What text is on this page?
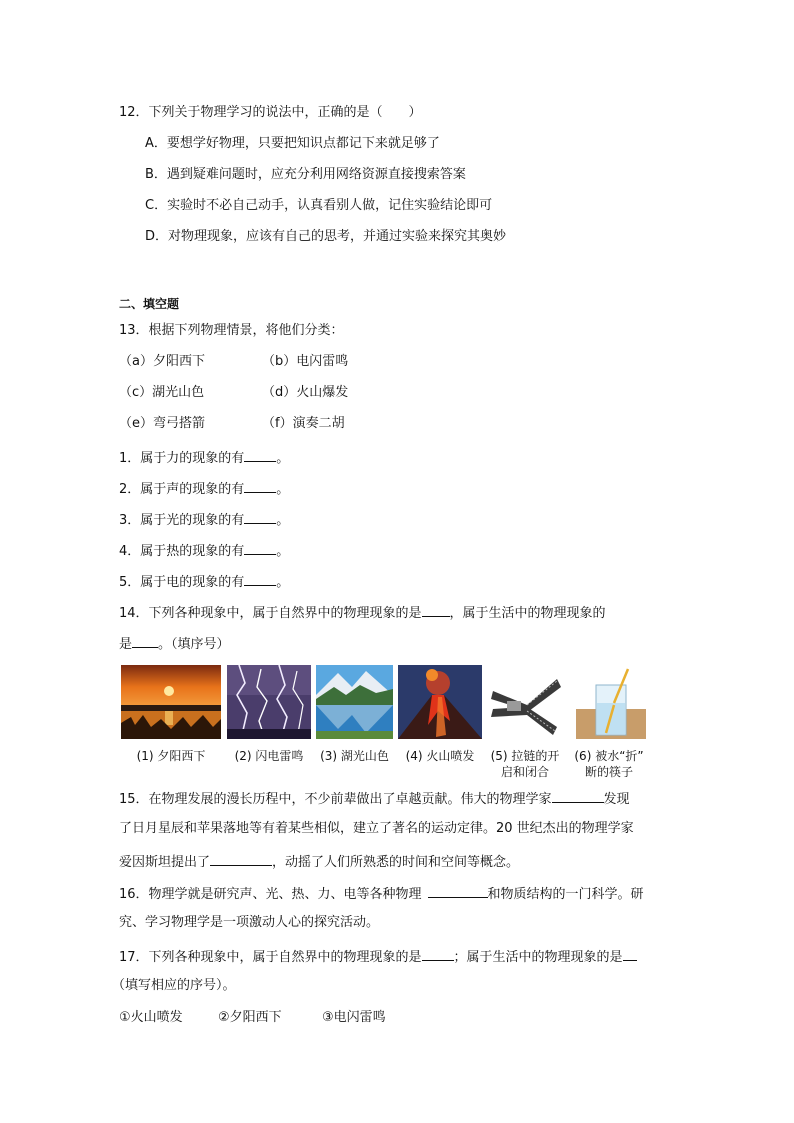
12．下列关于物理学习的说法中，正确的是（　　）
A．要想学好物理，只要把知识点都记下来就足够了
B．遇到疑难问题时，应充分利用网络资源直接搜索答案
C．实验时不必自己动手，认真看别人做，记住实验结论即可
D．对物理现象，应该有自己的思考，并通过实验来探究其奥妙
二、填空题
13．根据下列物理情景，将他们分类：
（a）夕阳西下	（b）电闪雷鸣
（c）湖光山色	（d）火山爆发
（e）弯弓搭箭	（f）演奏二胡
1．属于力的现象的有 。
2．属于声的现象的有 。
3．属于光的现象的有 。
4．属于热的现象的有 。
5．属于电的现象的有 。
14．下列各种现象中，属于自然界中的物理现象的是 ，属于生活中的物理现象的
是 。（填序号）
(1) 夕阳西下	(2) 闪电雷鸣	(3) 湖光山色	(4) 火山喷发	(5) 拉链的开
启和闭合
(6) 被水“折”
断的筷子
15．在物理发展的漫长历程中，不少前辈做出了卓越贡献。伟大的物理学家	发现
了日月星辰和苹果落地等有着某些相似，建立了著名的运动定律。20 世纪杰出的物理学家
爱因斯坦提出了	，动摇了人们所熟悉的时间和空间等概念。
16．物理学就是研究声、光、热、力、电等各种物理	和物质结构的一门科学。研
究、学习物理学是一项激动人心的探究活动。
17．下列各种现象中，属于自然界中的物理现象的是 ；属于生活中的物理现象的是
（填写相应的序号）。
①火山喷发	②夕阳西下	③电闪雷鸣
